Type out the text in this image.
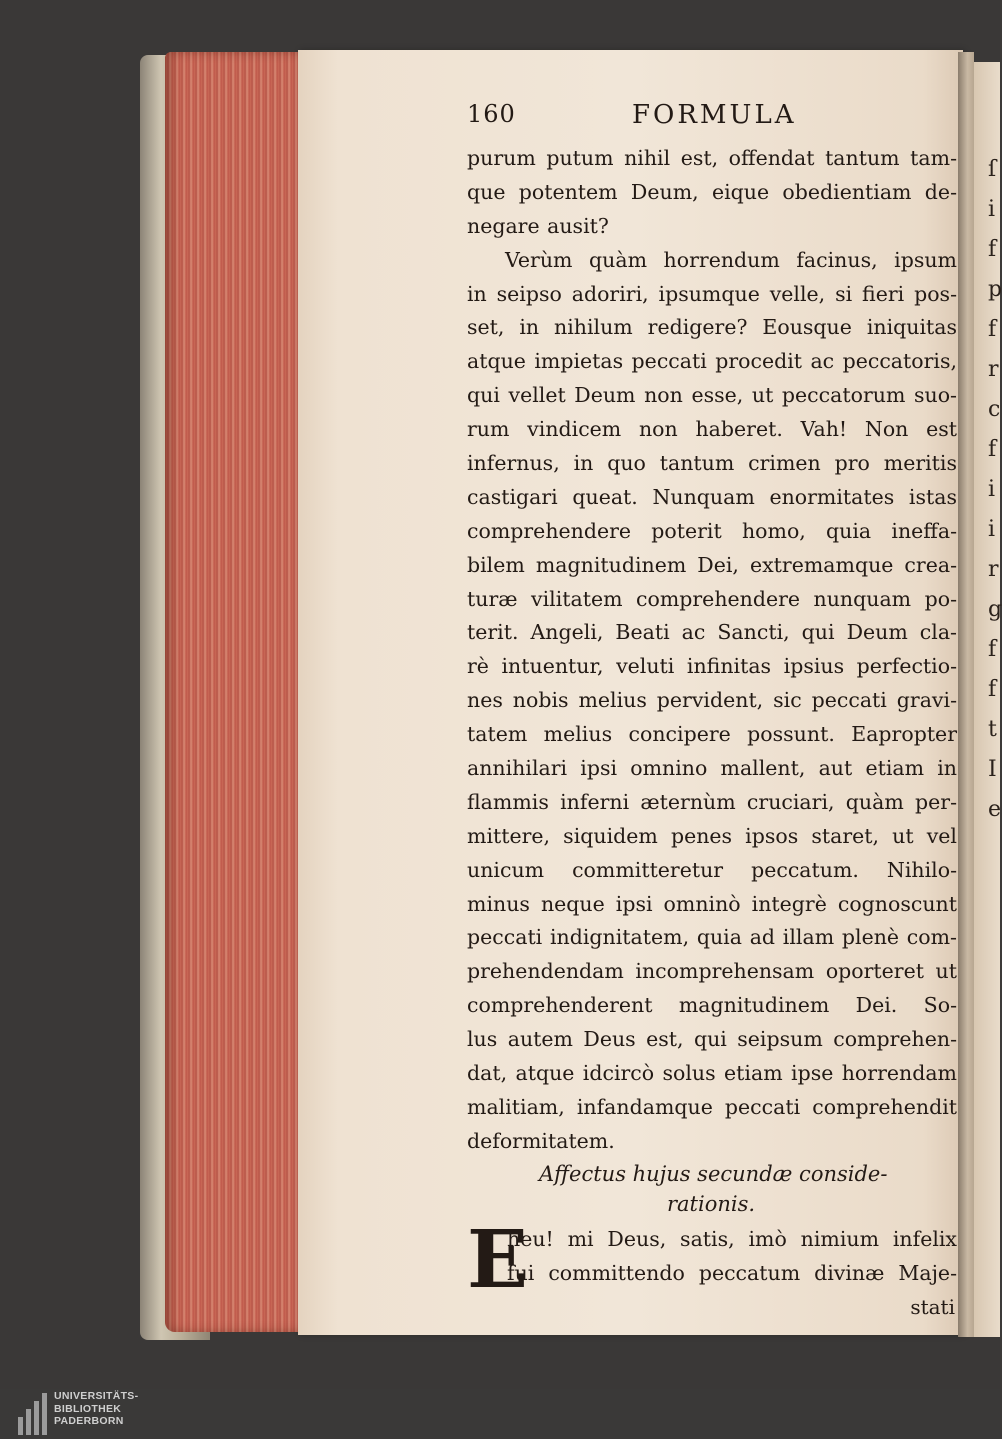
ſ
i
f
p
f
r
c
f
i
i
r
g
f
f
t
I
e
160	FORMULA
purum putum nihil est, offendat tantum tam-
que potentem Deum, eique obedientiam de-
negare ausit?
Verùm quàm horrendum facinus, ipsum
in seipso adoriri, ipsumque velle, si fieri pos-
set, in nihilum redigere? Eousque iniquitas
atque impietas peccati procedit ac peccatoris,
qui vellet Deum non esse, ut peccatorum suo-
rum vindicem non haberet. Vah! Non est
infernus, in quo tantum crimen pro meritis
castigari queat. Nunquam enormitates istas
comprehendere poterit homo, quia ineffa-
bilem magnitudinem Dei, extremamque crea-
turæ vilitatem comprehendere nunquam po-
terit. Angeli, Beati ac Sancti, qui Deum cla-
rè intuentur, veluti infinitas ipsius perfectio-
nes nobis melius pervident, sic peccati gravi-
tatem melius concipere possunt. Eapropter
annihilari ipsi omnino mallent, aut etiam in
flammis inferni æternùm cruciari, quàm per-
mittere, siquidem penes ipsos staret, ut vel
unicum committeretur peccatum. Nihilo-
minus neque ipsi omninò integrè cognoscunt
peccati indignitatem, quia ad illam plenè com-
prehendendam incomprehensam oporteret ut
comprehenderent magnitudinem Dei. So-
lus autem Deus est, qui seipsum comprehen-
dat, atque idcircò solus etiam ipse horrendam
malitiam, infandamque peccati comprehendit
deformitatem.
Affectus hujus secundæ conside-
rationis.
E
heu! mi Deus, satis, imò nimium infelix
fui committendo peccatum divinæ Maje-
stati
UNIVERSITÄTS-
BIBLIOTHEK
PADERBORN
